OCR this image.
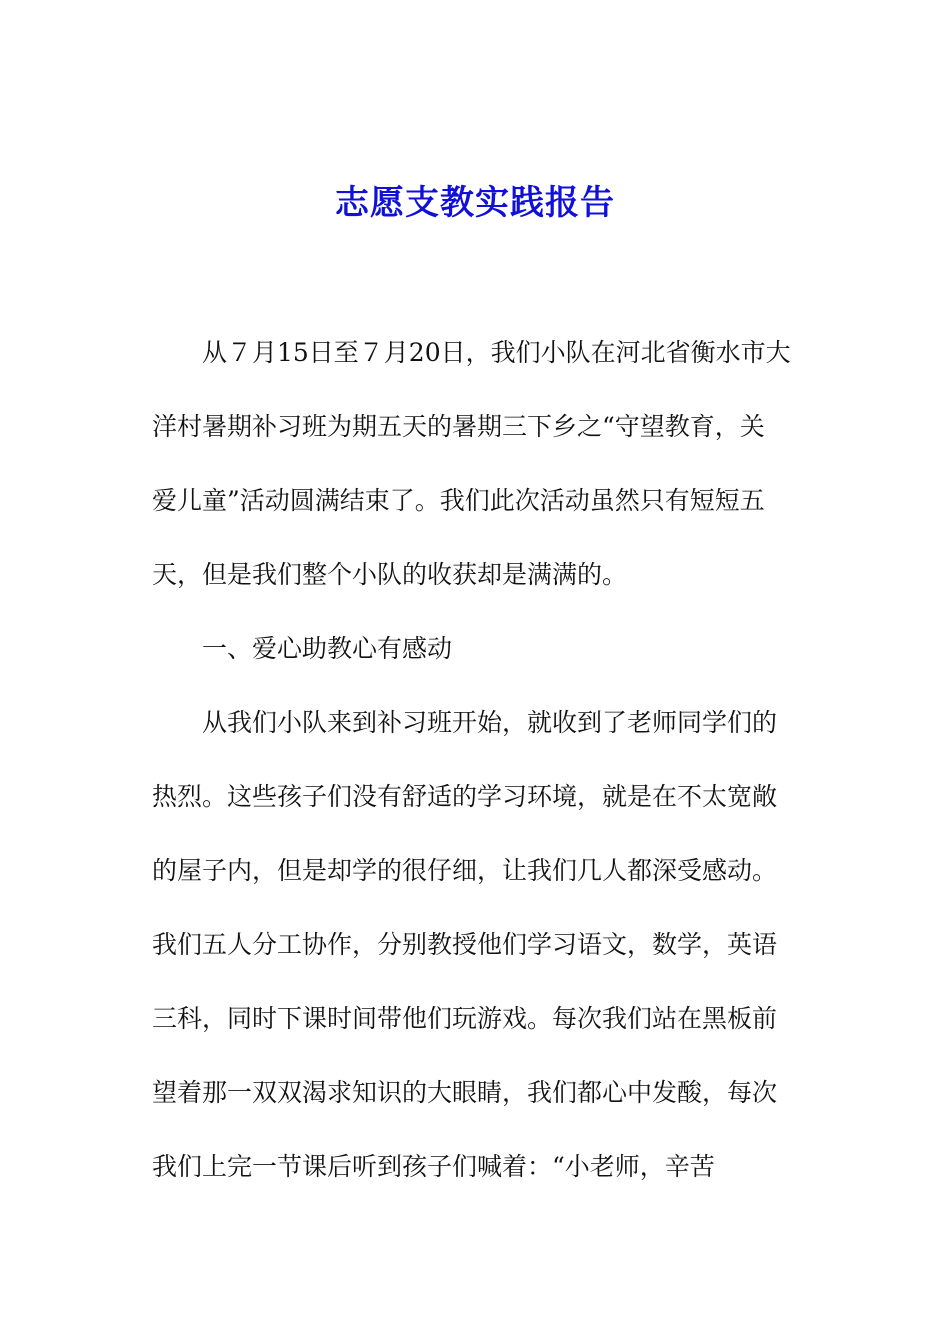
志愿支教实践报告
从７月15日至７月20日，我们小队在河北省衡水市大
洋村暑期补习班为期五天的暑期三下乡之“守望教育，关
爱儿童”活动圆满结束了。我们此次活动虽然只有短短五
天，但是我们整个小队的收获却是满满的。
一、爱心助教心有感动
从我们小队来到补习班开始，就收到了老师同学们的
热烈。这些孩子们没有舒适的学习环境，就是在不太宽敞
的屋子内，但是却学的很仔细，让我们几人都深受感动。
我们五人分工协作，分别教授他们学习语文，数学，英语
三科，同时下课时间带他们玩游戏。每次我们站在黑板前
望着那一双双渴求知识的大眼睛，我们都心中发酸，每次
我们上完一节课后听到孩子们喊着：“小老师，辛苦
